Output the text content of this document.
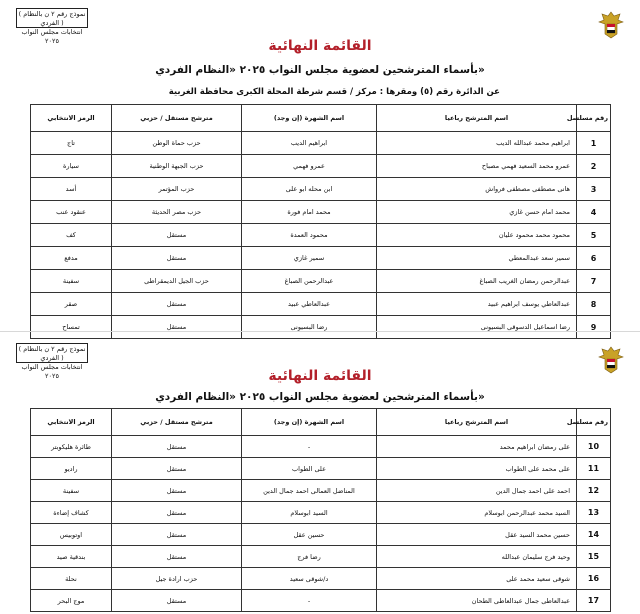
( نموذج رقم ٢ ن بالنظام الفردي )
انتخابات مجلس النواب ٢٠٢٥	القائمة النهائية
بأسماء المترشحين لعضوية مجلس النواب ٢٠٢٥ «النظام الفردي»
عن الدائرة رقم (٥) ومقرها : مركز / قسم شرطة المحلة الكبرى محافظة الغربية
رقم مسلسل	اسم المترشح رباعيا	اسم الشهرة (إن وجد)	مترشح مستقل / حزبي	الرمز الانتخابي
1	ابراهيم محمد عبدالله الديب	ابراهيم الديب	حزب حماة الوطن	تاج
2	عمرو محمد السعيد فهمي مصباح	عمرو فهمي	حزب الجبهة الوطنية	سيارة
3	هانى مصطفى مصطفى فرواش	ابن محله ابو على	حزب المؤتمر	أسد
4	محمد امام حسن غازي	محمد امام فورة	حزب مصر الحديثة	عنقود عنب
5	محمود محمد محمود عليان	محمود العمدة	مستقل	كف
6	سمير سعد عبدالمعطي	سمير غازي	مستقل	مدفع
7	عبدالرحمن رمضان الغريب الصباغ	عبدالرحمن الصباغ	حزب الجيل الديمقراطى	سفينة
8	عبدالعاطي يوسف ابراهيم عبيد	عبدالعاطي عبيد	مستقل	صقر
9	رضا اسماعيل الدسوقى البسيونى	رضا البسيونى	مستقل	تمساح
( نموذج رقم ٢ ن بالنظام الفردي )
انتخابات مجلس النواب ٢٠٢٥	القائمة النهائية
بأسماء المترشحين لعضوية مجلس النواب ٢٠٢٥ «النظام الفردي»
رقم مسلسل	اسم المترشح رباعيا	اسم الشهرة (إن وجد)	مترشح مستقل / حزبي	الرمز الانتخابي
10	على رمضان ابراهيم محمد	-	مستقل	طائرة هليكوبتر
11	على محمد على الطواب	على الطواب	مستقل	راديو
12	احمد على احمد جمال الدين	المناضل العمالى احمد جمال الدين	مستقل	سفينة
13	السيد محمد عبدالرحمن ابوسلام	السيد ابوسلام	مستقل	كشاف إضاءة
14	حسين محمد السيد عقل	حسين عقل	مستقل	اوتوبيس
15	وحيد فرج سليمان عبدالله	رضا فرج	مستقل	بندقية صيد
16	شوقى سعيد محمد على	د/شوقى سعيد	حزب ارادة جيل	نحلة
17	عبدالعاطى جمال عبدالعاطى الطحان	-	مستقل	موج البحر
